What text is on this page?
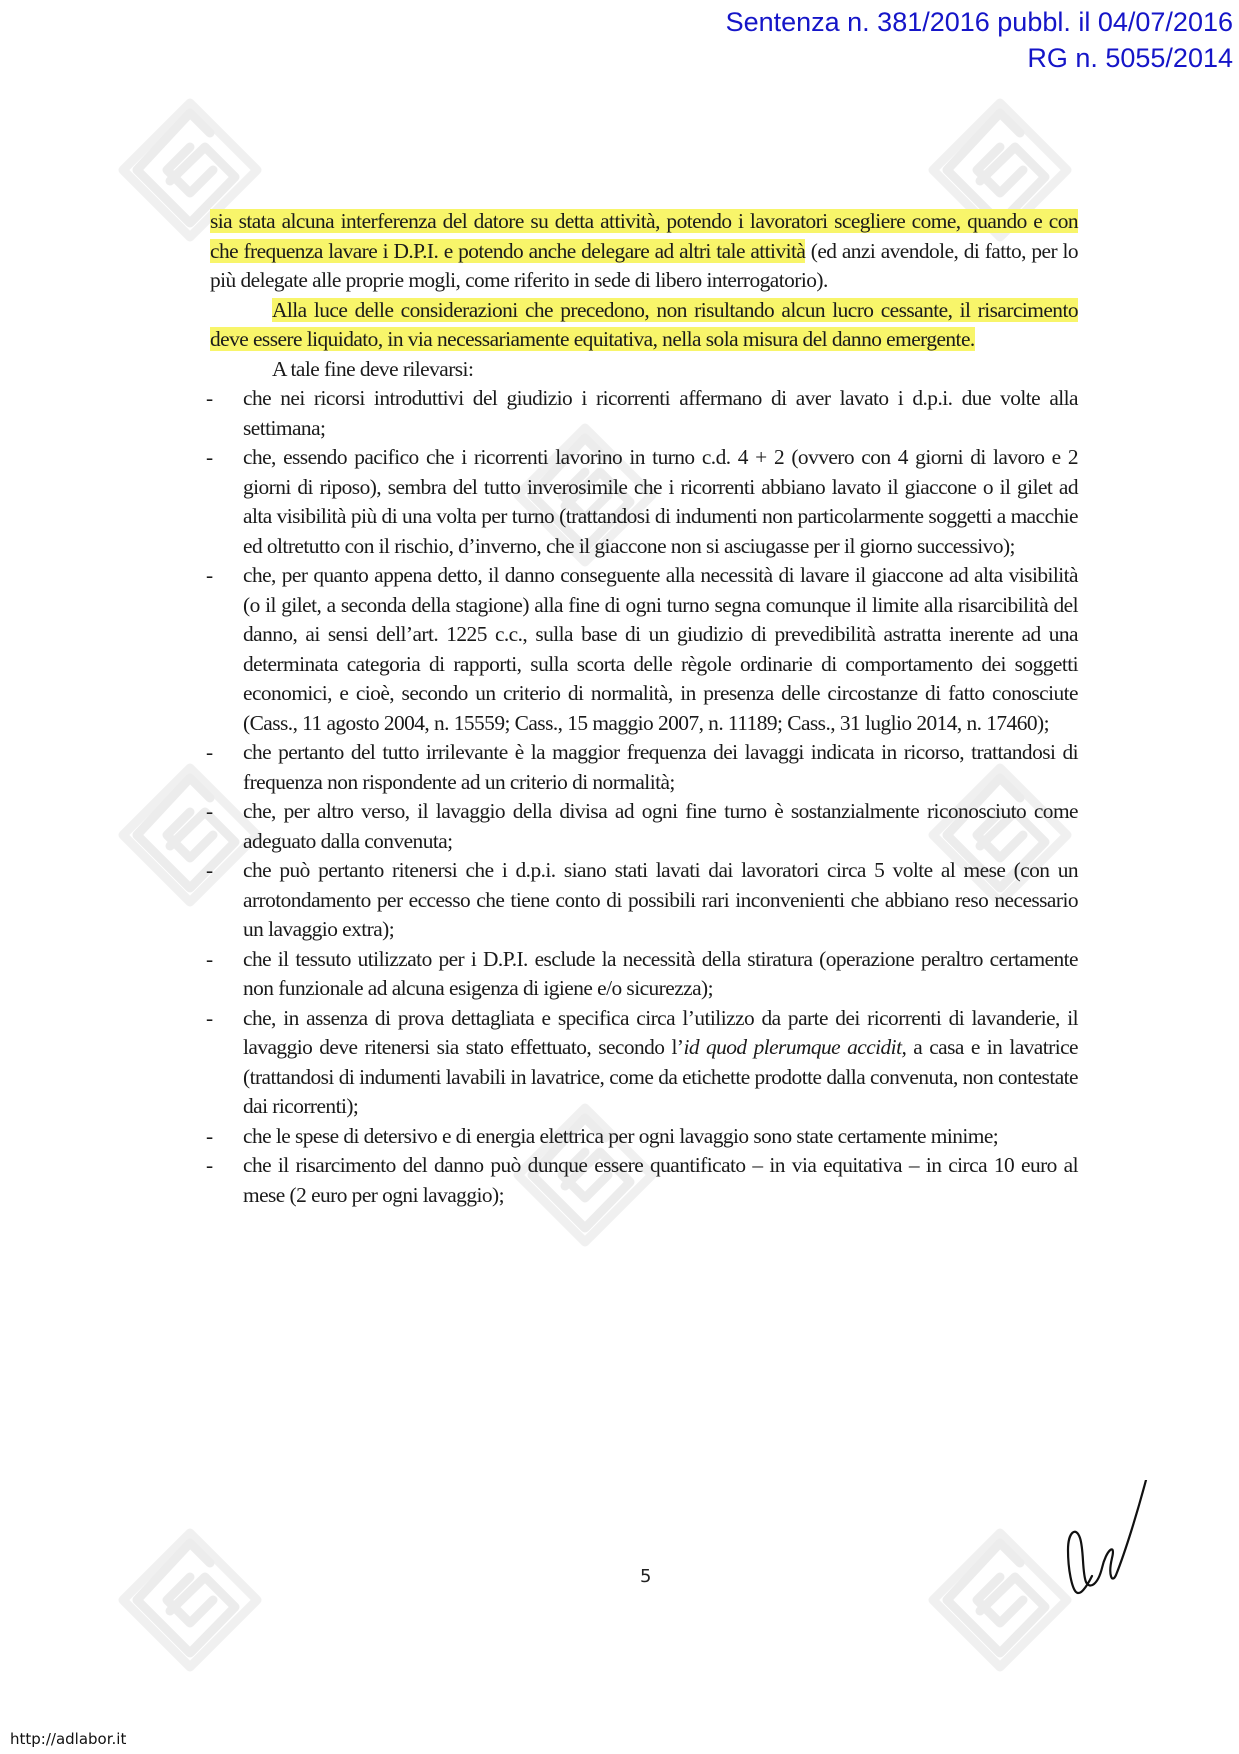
Sentenza n. 381/2016 pubbl. il 04/07/2016
RG n. 5055/2014

sia stata alcuna interferenza del datore su detta attività, potendo i lavoratori scegliere come, quando e con che frequenza lavare i D.P.I. e potendo anche delegare ad altri tale attività (ed anzi avendole, di fatto, per lo più delegate alle proprie mogli, come riferito in sede di libero interrogatorio).

Alla luce delle considerazioni che precedono, non risultando alcun lucro cessante, il risarcimento deve essere liquidato, in via necessariamente equitativa, nella sola misura del danno emergente.

A tale fine deve rilevarsi:

- che nei ricorsi introduttivi del giudizio i ricorrenti affermano di aver lavato i d.p.i. due volte alla settimana;
- che, essendo pacifico che i ricorrenti lavorino in turno c.d. 4 + 2 (ovvero con 4 giorni di lavoro e 2 giorni di riposo), sembra del tutto inverosimile che i ricorrenti abbiano lavato il giaccone o il gilet ad alta visibilità più di una volta per turno (trattandosi di indumenti non particolarmente soggetti a macchie ed oltretutto con il rischio, d’inverno, che il giaccone non si asciugasse per il giorno successivo);
- che, per quanto appena detto, il danno conseguente alla necessità di lavare il giaccone ad alta visibilità (o il gilet, a seconda della stagione) alla fine di ogni turno segna comunque il limite alla risarcibilità del danno, ai sensi dell’art. 1225 c.c., sulla base di un giudizio di prevedibilità astratta inerente ad una determinata categoria di rapporti, sulla scorta delle règole ordinarie di comportamento dei soggetti economici, e cioè, secondo un criterio di normalità, in presenza delle circostanze di fatto conosciute (Cass., 11 agosto 2004, n. 15559; Cass., 15 maggio 2007, n. 11189; Cass., 31 luglio 2014, n. 17460);
- che pertanto del tutto irrilevante è la maggior frequenza dei lavaggi indicata in ricorso, trattandosi di frequenza non rispondente ad un criterio di normalità;
- che, per altro verso, il lavaggio della divisa ad ogni fine turno è sostanzialmente riconosciuto come adeguato dalla convenuta;
- che può pertanto ritenersi che i d.p.i. siano stati lavati dai lavoratori circa 5 volte al mese (con un arrotondamento per eccesso che tiene conto di possibili rari inconvenienti che abbiano reso necessario un lavaggio extra);
- che il tessuto utilizzato per i D.P.I. esclude la necessità della stiratura (operazione peraltro certamente non funzionale ad alcuna esigenza di igiene e/o sicurezza);
- che, in assenza di prova dettagliata e specifica circa l’utilizzo da parte dei ricorrenti di lavanderie, il lavaggio deve ritenersi sia stato effettuato, secondo l’id quod plerumque accidit, a casa e in lavatrice (trattandosi di indumenti lavabili in lavatrice, come da etichette prodotte dalla convenuta, non contestate dai ricorrenti);
- che le spese di detersivo e di energia elettrica per ogni lavaggio sono state certamente minime;
- che il risarcimento del danno può dunque essere quantificato – in via equitativa – in circa 10 euro al mese (2 euro per ogni lavaggio);
5
http://adlabor.it
